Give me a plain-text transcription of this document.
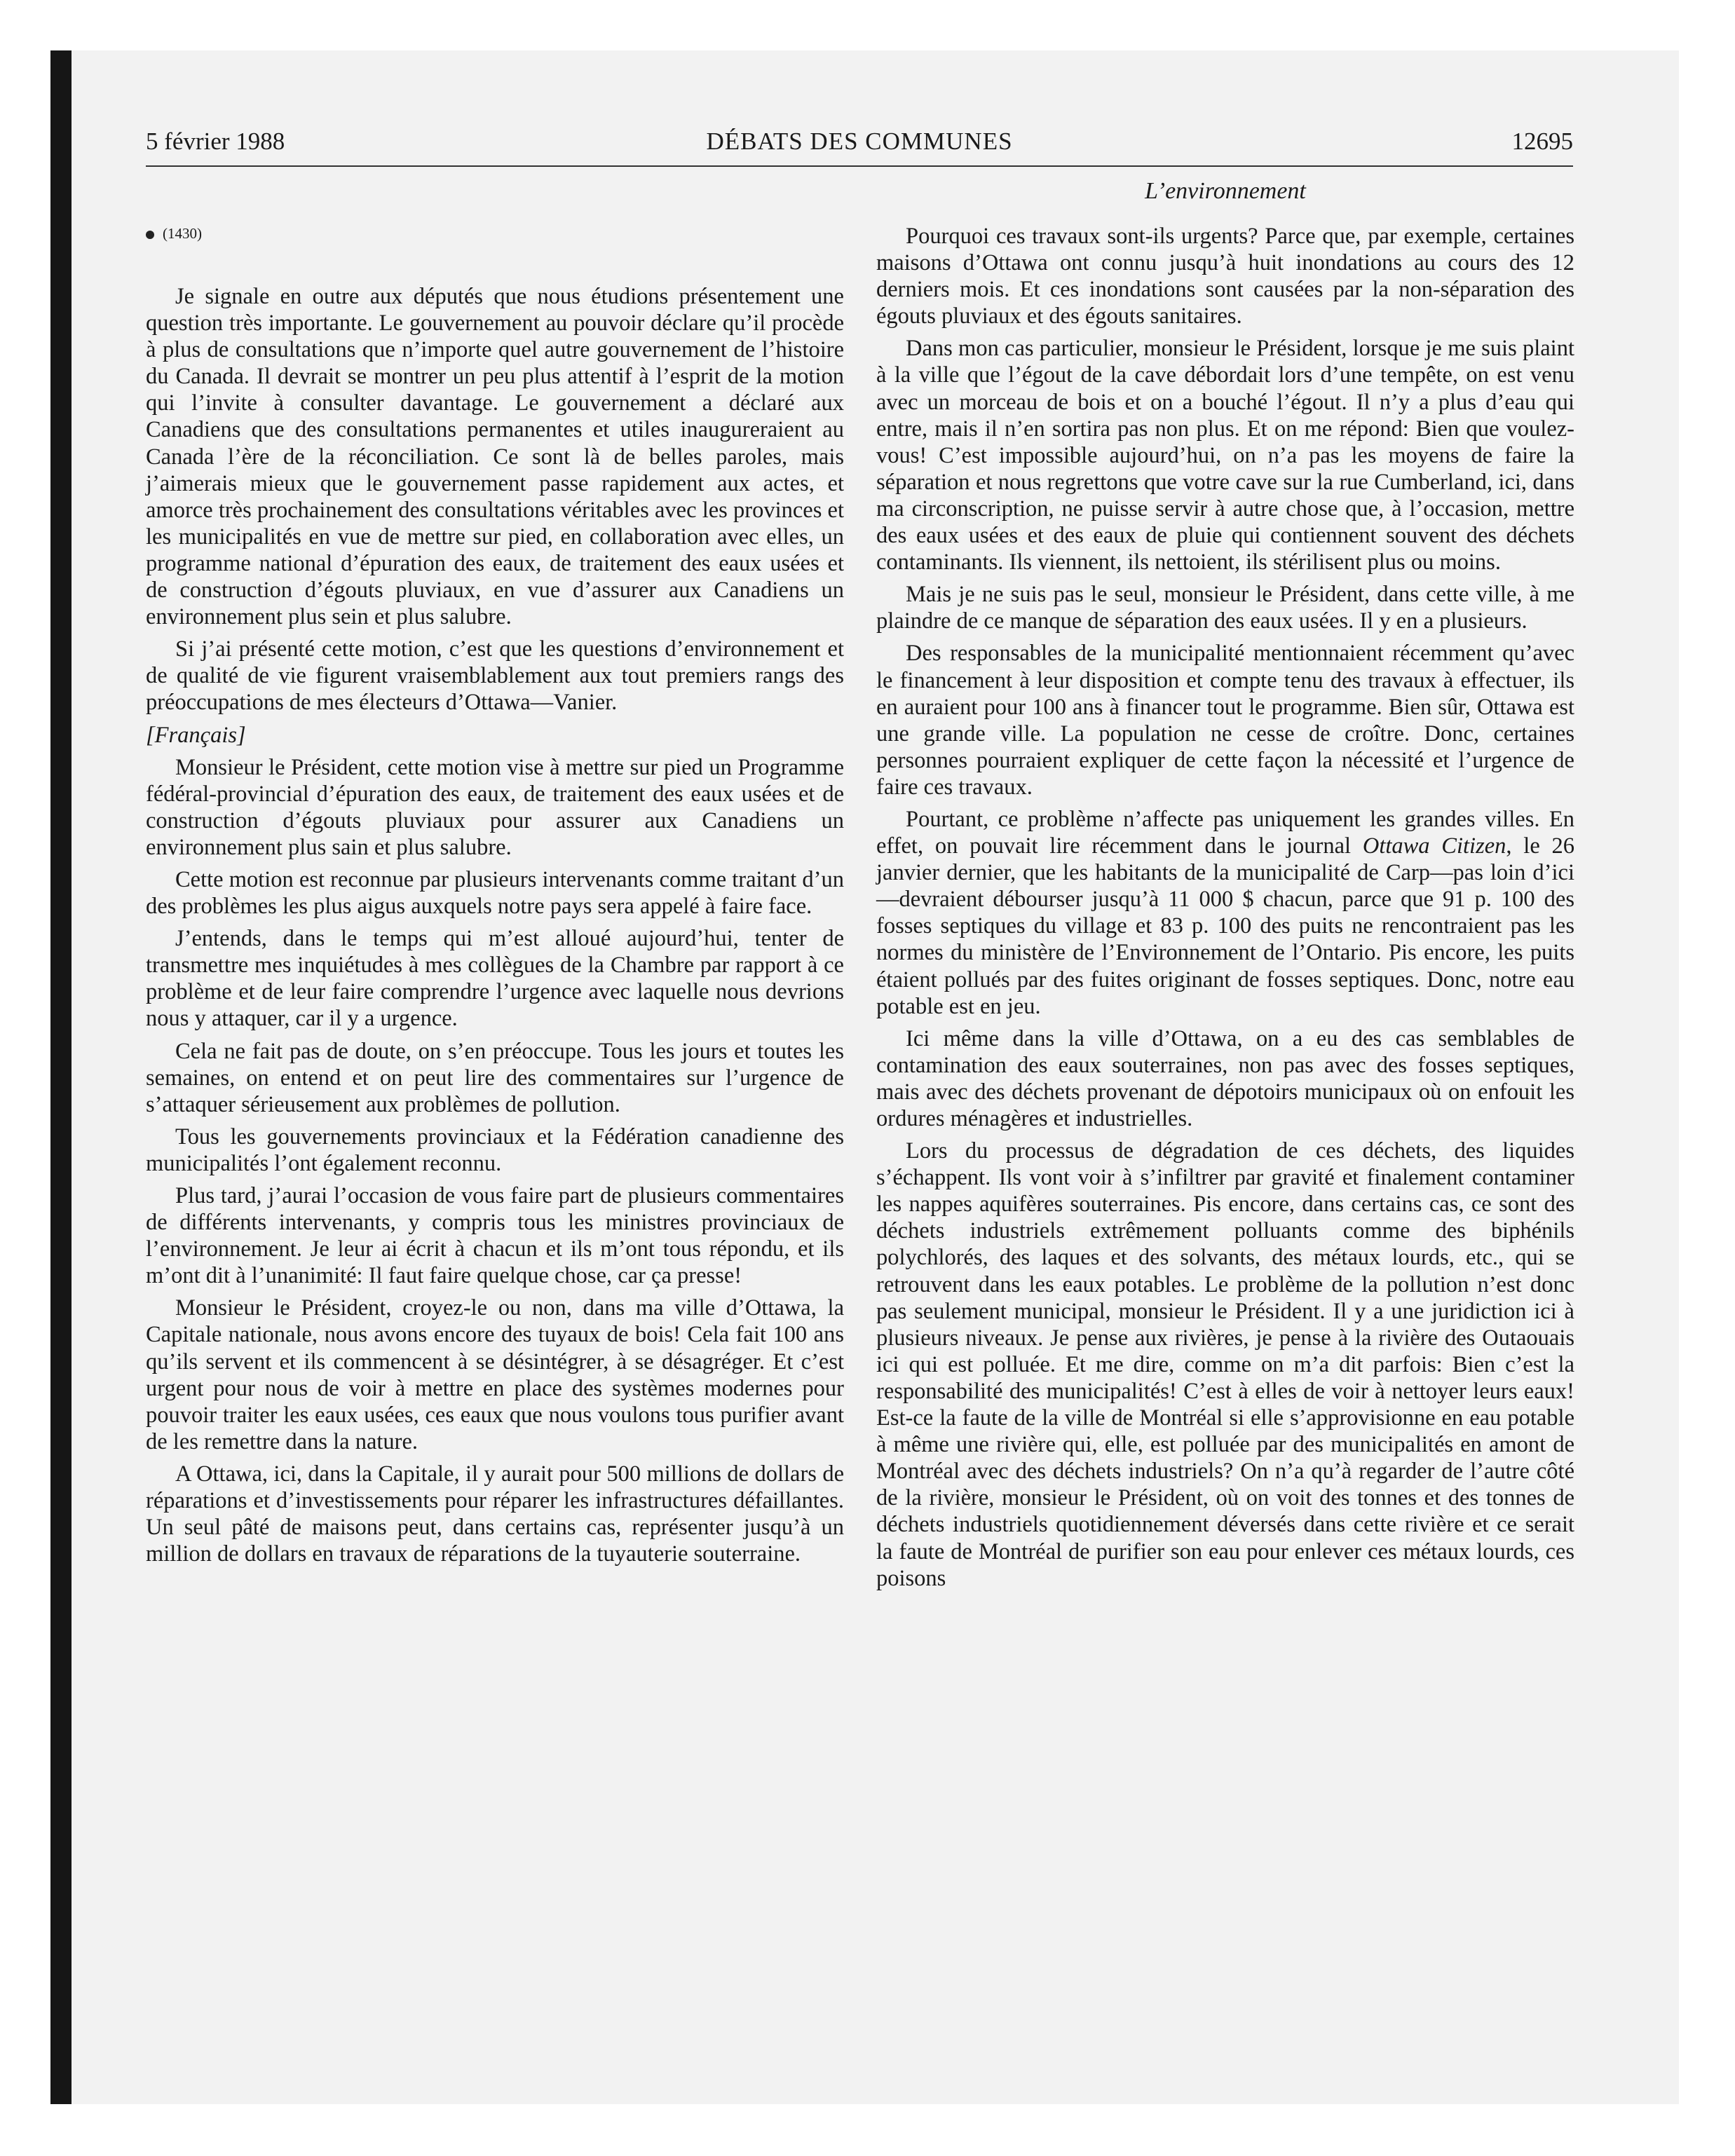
5 février 1988	DÉBATS DES COMMUNES	12695
L’environnement
(1430)

Je signale en outre aux députés que nous étudions présentement une question très importante. Le gouvernement au pouvoir déclare qu’il procède à plus de consultations que n’importe quel autre gouvernement de l’histoire du Canada. Il devrait se montrer un peu plus attentif à l’esprit de la motion qui l’invite à consulter davantage. Le gouvernement a déclaré aux Canadiens que des consultations permanentes et utiles inaugureraient au Canada l’ère de la réconciliation. Ce sont là de belles paroles, mais j’aimerais mieux que le gouvernement passe rapidement aux actes, et amorce très prochainement des consultations véritables avec les provinces et les municipalités en vue de mettre sur pied, en collaboration avec elles, un programme national d’épuration des eaux, de traitement des eaux usées et de construction d’égouts pluviaux, en vue d’assurer aux Canadiens un environnement plus sein et plus salubre.

Si j’ai présenté cette motion, c’est que les questions d’environnement et de qualité de vie figurent vraisemblablement aux tout premiers rangs des préoccupations de mes électeurs d’Ottawa—Vanier.

[Français]

Monsieur le Président, cette motion vise à mettre sur pied un Programme fédéral-provincial d’épuration des eaux, de traitement des eaux usées et de construction d’égouts pluviaux pour assurer aux Canadiens un environnement plus sain et plus salubre.

Cette motion est reconnue par plusieurs intervenants comme traitant d’un des problèmes les plus aigus auxquels notre pays sera appelé à faire face.

J’entends, dans le temps qui m’est alloué aujourd’hui, tenter de transmettre mes inquiétudes à mes collègues de la Chambre par rapport à ce problème et de leur faire comprendre l’urgence avec laquelle nous devrions nous y attaquer, car il y a urgence.

Cela ne fait pas de doute, on s’en préoccupe. Tous les jours et toutes les semaines, on entend et on peut lire des commentaires sur l’urgence de s’attaquer sérieusement aux problèmes de pollution.

Tous les gouvernements provinciaux et la Fédération canadienne des municipalités l’ont également reconnu.

Plus tard, j’aurai l’occasion de vous faire part de plusieurs commentaires de différents intervenants, y compris tous les ministres provinciaux de l’environnement. Je leur ai écrit à chacun et ils m’ont tous répondu, et ils m’ont dit à l’unanimité: Il faut faire quelque chose, car ça presse!

Monsieur le Président, croyez-le ou non, dans ma ville d’Ottawa, la Capitale nationale, nous avons encore des tuyaux de bois! Cela fait 100 ans qu’ils servent et ils commencent à se désintégrer, à se désagréger. Et c’est urgent pour nous de voir à mettre en place des systèmes modernes pour pouvoir traiter les eaux usées, ces eaux que nous voulons tous purifier avant de les remettre dans la nature.

A Ottawa, ici, dans la Capitale, il y aurait pour 500 millions de dollars de réparations et d’investissements pour réparer les infrastructures défaillantes. Un seul pâté de maisons peut, dans certains cas, représenter jusqu’à un million de dollars en travaux de réparations de la tuyauterie souterraine.

Pourquoi ces travaux sont-ils urgents? Parce que, par exemple, certaines maisons d’Ottawa ont connu jusqu’à huit inondations au cours des 12 derniers mois. Et ces inondations sont causées par la non-séparation des égouts pluviaux et des égouts sanitaires.

Dans mon cas particulier, monsieur le Président, lorsque je me suis plaint à la ville que l’égout de la cave débordait lors d’une tempête, on est venu avec un morceau de bois et on a bouché l’égout. Il n’y a plus d’eau qui entre, mais il n’en sortira pas non plus. Et on me répond: Bien que voulez-vous! C’est impossible aujourd’hui, on n’a pas les moyens de faire la séparation et nous regrettons que votre cave sur la rue Cumberland, ici, dans ma circonscription, ne puisse servir à autre chose que, à l’occasion, mettre des eaux usées et des eaux de pluie qui contiennent souvent des déchets contaminants. Ils viennent, ils nettoient, ils stérilisent plus ou moins.

Mais je ne suis pas le seul, monsieur le Président, dans cette ville, à me plaindre de ce manque de séparation des eaux usées. Il y en a plusieurs.

Des responsables de la municipalité mentionnaient récemment qu’avec le financement à leur disposition et compte tenu des travaux à effectuer, ils en auraient pour 100 ans à financer tout le programme. Bien sûr, Ottawa est une grande ville. La population ne cesse de croître. Donc, certaines personnes pourraient expliquer de cette façon la nécessité et l’urgence de faire ces travaux.

Pourtant, ce problème n’affecte pas uniquement les grandes villes. En effet, on pouvait lire récemment dans le journal Ottawa Citizen, le 26 janvier dernier, que les habitants de la municipalité de Carp—pas loin d’ici—devraient débourser jusqu’à 11 000 $ chacun, parce que 91 p. 100 des fosses septiques du village et 83 p. 100 des puits ne rencontraient pas les normes du ministère de l’Environnement de l’Ontario. Pis encore, les puits étaient pollués par des fuites originant de fosses septiques. Donc, notre eau potable est en jeu.

Ici même dans la ville d’Ottawa, on a eu des cas semblables de contamination des eaux souterraines, non pas avec des fosses septiques, mais avec des déchets provenant de dépotoirs municipaux où on enfouit les ordures ménagères et industrielles.

Lors du processus de dégradation de ces déchets, des liquides s’échappent. Ils vont voir à s’infiltrer par gravité et finalement contaminer les nappes aquifères souterraines. Pis encore, dans certains cas, ce sont des déchets industriels extrêmement polluants comme des biphénils polychlorés, des laques et des solvants, des métaux lourds, etc., qui se retrouvent dans les eaux potables. Le problème de la pollution n’est donc pas seulement municipal, monsieur le Président. Il y a une juridiction ici à plusieurs niveaux. Je pense aux rivières, je pense à la rivière des Outaouais ici qui est polluée. Et me dire, comme on m’a dit parfois: Bien c’est la responsabilité des municipalités! C’est à elles de voir à nettoyer leurs eaux! Est-ce la faute de la ville de Montréal si elle s’approvisionne en eau potable à même une rivière qui, elle, est polluée par des municipalités en amont de Montréal avec des déchets industriels? On n’a qu’à regarder de l’autre côté de la rivière, monsieur le Président, où on voit des tonnes et des tonnes de déchets industriels quotidiennement déversés dans cette rivière et ce serait la faute de Montréal de purifier son eau pour enlever ces métaux lourds, ces poisons
